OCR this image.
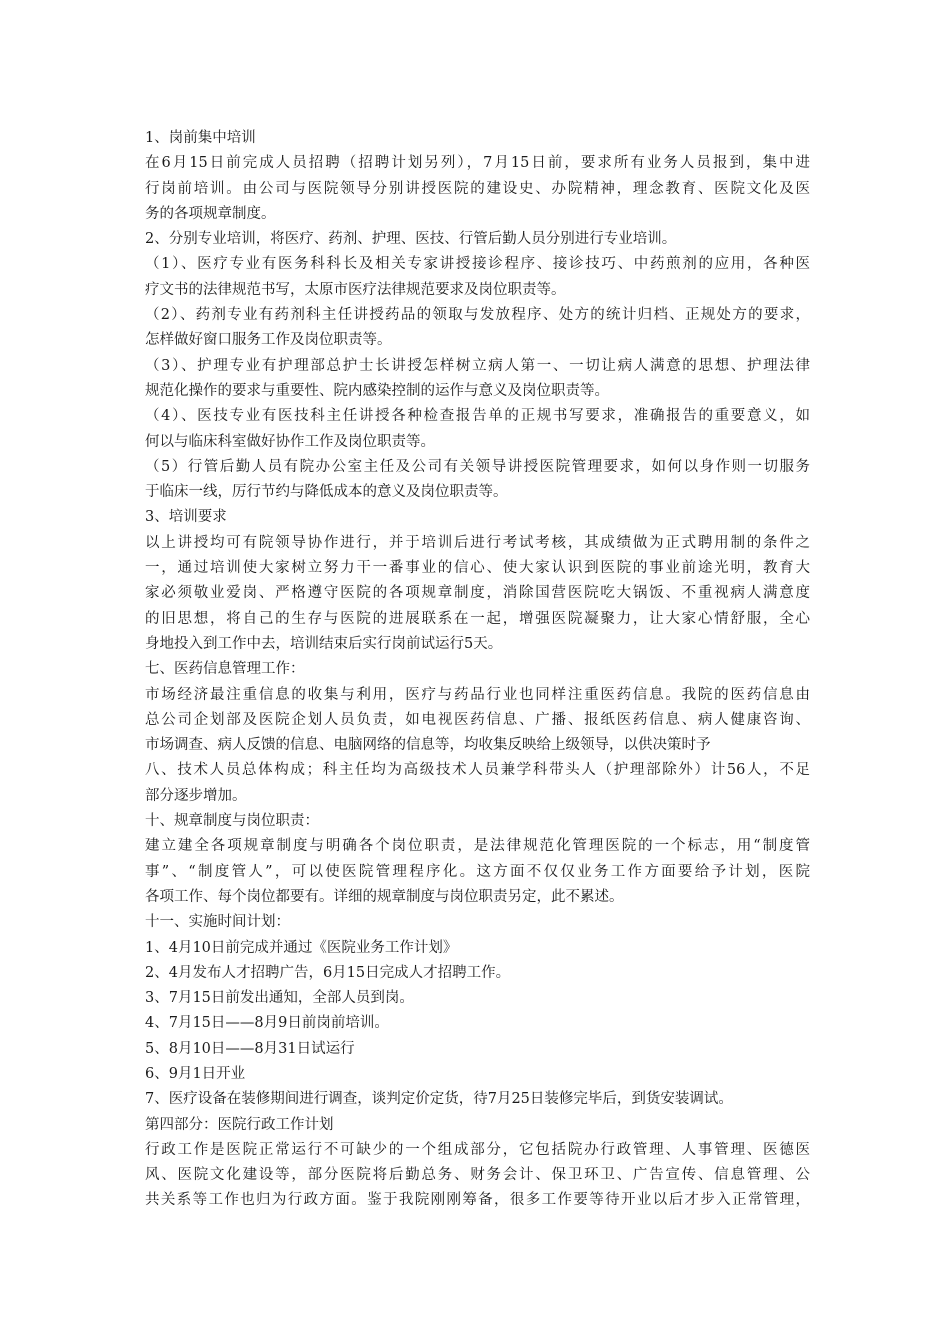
1、岗前集中培训
在6月15日前完成人员招聘（招聘计划另列），7月15日前，要求所有业务人员报到，集中进
行岗前培训。由公司与医院领导分别讲授医院的建设史、办院精神，理念教育、医院文化及医
务的各项规章制度。
2、分别专业培训，将医疗、药剂、护理、医技、行管后勤人员分别进行专业培训。
（1）、医疗专业有医务科科长及相关专家讲授接诊程序、接诊技巧、中药煎剂的应用，各种医
疗文书的法律规范书写，太原市医疗法律规范要求及岗位职责等。
（2）、药剂专业有药剂科主任讲授药品的领取与发放程序、处方的统计归档、正规处方的要求，
怎样做好窗口服务工作及岗位职责等。
（3）、护理专业有护理部总护士长讲授怎样树立病人第一、一切让病人满意的思想、护理法律
规范化操作的要求与重要性、院内感染控制的运作与意义及岗位职责等。
（4）、医技专业有医技科主任讲授各种检查报告单的正规书写要求，准确报告的重要意义，如
何以与临床科室做好协作工作及岗位职责等。
（5）行管后勤人员有院办公室主任及公司有关领导讲授医院管理要求，如何以身作则一切服务
于临床一线，厉行节约与降低成本的意义及岗位职责等。
3、培训要求
以上讲授均可有院领导协作进行，并于培训后进行考试考核，其成绩做为正式聘用制的条件之
一，通过培训使大家树立努力干一番事业的信心、使大家认识到医院的事业前途光明，教育大
家必须敬业爱岗、严格遵守医院的各项规章制度，消除国营医院吃大锅饭、不重视病人满意度
的旧思想，将自己的生存与医院的进展联系在一起，增强医院凝聚力，让大家心情舒服，全心
身地投入到工作中去，培训结束后实行岗前试运行5天。
七、医药信息管理工作：
市场经济最注重信息的收集与利用，医疗与药品行业也同样注重医药信息。我院的医药信息由
总公司企划部及医院企划人员负责，如电视医药信息、广播、报纸医药信息、病人健康咨询、
市场调查、病人反馈的信息、电脑网络的信息等，均收集反映给上级领导，以供决策时予
八、技术人员总体构成；科主任均为高级技术人员兼学科带头人（护理部除外）计56人，不足
部分逐步增加。
十、规章制度与岗位职责：
建立建全各项规章制度与明确各个岗位职责，是法律规范化管理医院的一个标志，用“制度管
事”、“制度管人”，可以使医院管理程序化。这方面不仅仅业务工作方面要给予计划，医院
各项工作、每个岗位都要有。详细的规章制度与岗位职责另定，此不累述。
十一、实施时间计划：
1、4月10日前完成并通过《医院业务工作计划》
2、4月发布人才招聘广告，6月15日完成人才招聘工作。
3、7月15日前发出通知，全部人员到岗。
4、7月15日——8月9日前岗前培训。
5、8月10日——8月31日试运行
6、9月1日开业
7、医疗设备在装修期间进行调查，谈判定价定货，待7月25日装修完毕后，到货安装调试。
第四部分：医院行政工作计划
行政工作是医院正常运行不可缺少的一个组成部分，它包括院办行政管理、人事管理、医德医
风、医院文化建设等，部分医院将后勤总务、财务会计、保卫环卫、广告宣传、信息管理、公
共关系等工作也归为行政方面。鉴于我院刚刚筹备，很多工作要等待开业以后才步入正常管理，
